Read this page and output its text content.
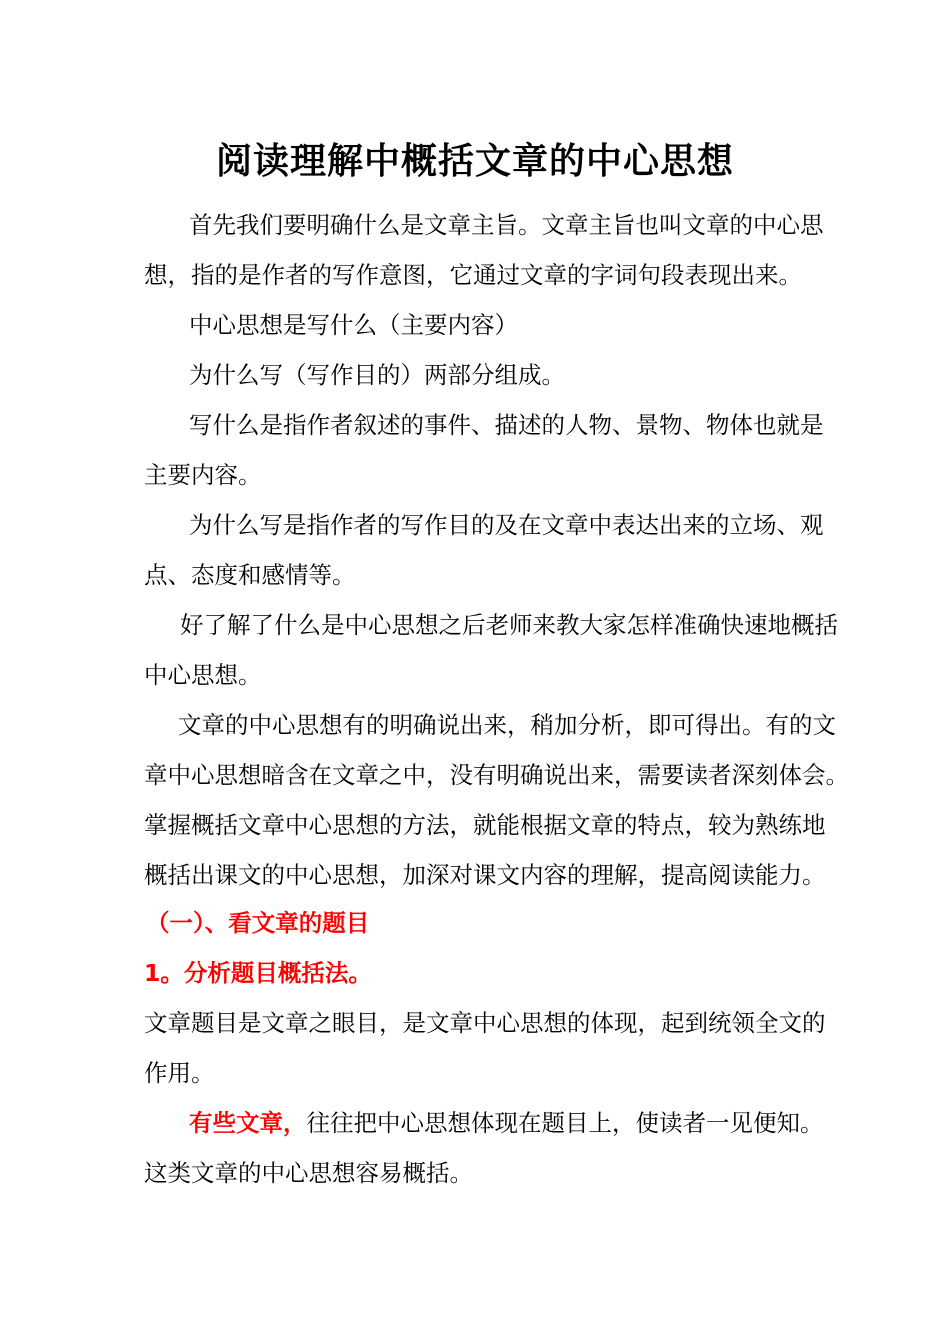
阅读理解中概括文章的中心思想
首先我们要明确什么是文章主旨。文章主旨也叫文章的中心思
想，指的是作者的写作意图，它通过文章的字词句段表现出来。
中心思想是写什么（主要内容）
为什么写（写作目的）两部分组成。
写什么是指作者叙述的事件、描述的人物、景物、物体也就是
主要内容。
为什么写是指作者的写作目的及在文章中表达出来的立场、观
点、态度和感情等。
好了解了什么是中心思想之后老师来教大家怎样准确快速地概括
中心思想。
文章的中心思想有的明确说出来，稍加分析，即可得出。有的文
章中心思想暗含在文章之中，没有明确说出来，需要读者深刻体会。
掌握概括文章中心思想的方法，就能根据文章的特点，较为熟练地
概括出课文的中心思想，加深对课文内容的理解，提高阅读能力。
（一）、看文章的题目
1。分析题目概括法。
文章题目是文章之眼目，是文章中心思想的体现，起到统领全文的
作用。
有些文章，往往把中心思想体现在题目上，使读者一见便知。
这类文章的中心思想容易概括。
